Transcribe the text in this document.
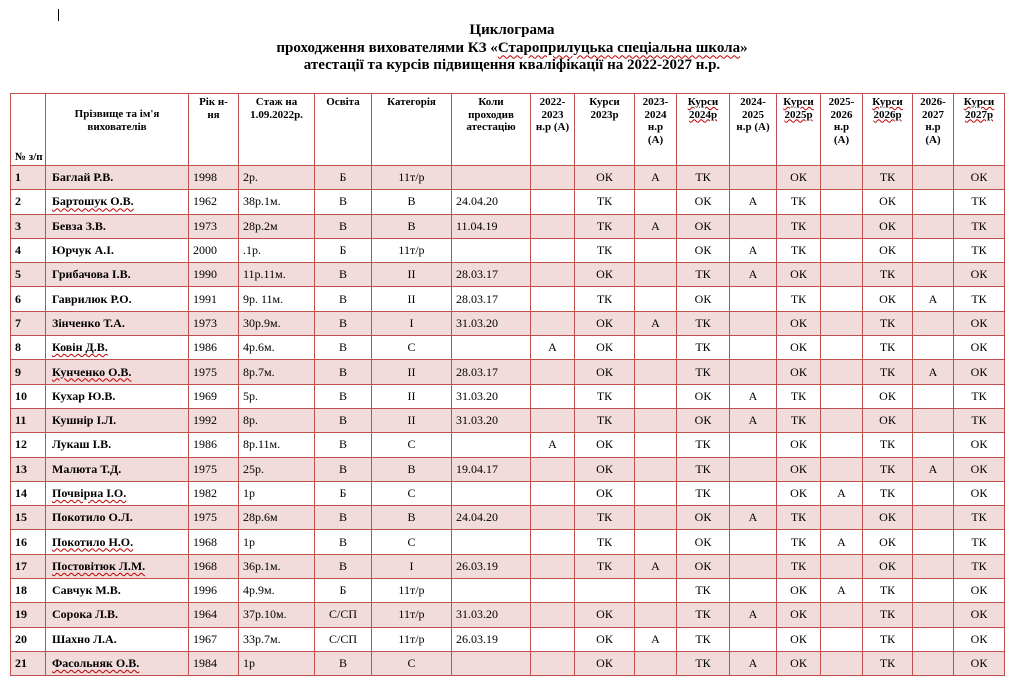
Циклограма
проходження вихователями КЗ «Староприлуцька спеціальна школа»
атестації та курсів підвищення кваліфікації на 2022-2027 н.р.
№ з/п	Прізвище та ім'я вихователів	Рік н-ня	Стаж на 1.09.2022р.	Освіта	Категорія	Коли проходив атестацію	2022-2023 н.р (А)	Курси 2023р	2023-2024 н.р (А)	Курси 2024р	2024-2025 н.р (А)	Курси 2025р	2025-2026 н.р (А)	Курси 2026р	2026-2027 н.р (А)	Курси 2027р
1	Баглай Р.В.	1998	2р.	Б	11т/р			ОК	А	ТК		ОК		ТК		ОК
2	Бартошук О.В.	1962	38р.1м.	В	В	24.04.20		ТК		ОК	А	ТК		ОК		ТК
3	Бевза З.В.	1973	28р.2м	В	В	11.04.19		ТК	А	ОК		ТК		ОК		ТК
4	Юрчук А.І.	2000	.1р.	Б	11т/р			ТК		ОК	А	ТК		ОК		ТК
5	Грибачова І.В.	1990	11р.11м.	В	ІІ	28.03.17		ОК		ТК	А	ОК		ТК		ОК
6	Гаврилюк Р.О.	1991	9р. 11м.	В	ІІ	28.03.17		ТК		ОК		ТК		ОК	А	ТК
7	Зінченко Т.А.	1973	30р.9м.	В	І	31.03.20		ОК	А	ТК		ОК		ТК		ОК
8	Ковін Д.В.	1986	4р.6м.	В	С		А	ОК		ТК		ОК		ТК		ОК
9	Кунченко О.В.	1975	8р.7м.	В	ІІ	28.03.17		ОК		ТК		ОК		ТК	А	ОК
10	Кухар Ю.В.	1969	5р.	В	ІІ	31.03.20		ТК		ОК	А	ТК		ОК		ТК
11	Кушнір І.Л.	1992	8р.	В	ІІ	31.03.20		ТК		ОК	А	ТК		ОК		ТК
12	Лукаш І.В.	1986	8р.11м.	В	С		А	ОК		ТК		ОК		ТК		ОК
13	Малюта Т.Д.	1975	25р.	В	В	19.04.17		ОК		ТК		ОК		ТК	А	ОК
14	Почвірна І.О.	1982	1р	Б	С			ОК		ТК		ОК	А	ТК		ОК
15	Покотило О.Л.	1975	28р.6м	В	В	24.04.20		ТК		ОК	А	ТК		ОК		ТК
16	Покотило Н.О.	1968	1р	В	С			ТК		ОК		ТК	А	ОК		ТК
17	Постовітюк Л.М.	1968	36р.1м.	В	І	26.03.19		ТК	А	ОК		ТК		ОК		ТК
18	Савчук М.В.	1996	4р.9м.	Б	11т/р					ТК		ОК	А	ТК		ОК
19	Сорока Л.В.	1964	37р.10м.	С/СП	11т/р	31.03.20		ОК		ТК	А	ОК		ТК		ОК
20	Шахно Л.А.	1967	33р.7м.	С/СП	11т/р	26.03.19		ОК	А	ТК		ОК		ТК		ОК
21	Фасольняк О.В.	1984	1р	В	С			ОК		ТК	А	ОК		ТК		ОК
